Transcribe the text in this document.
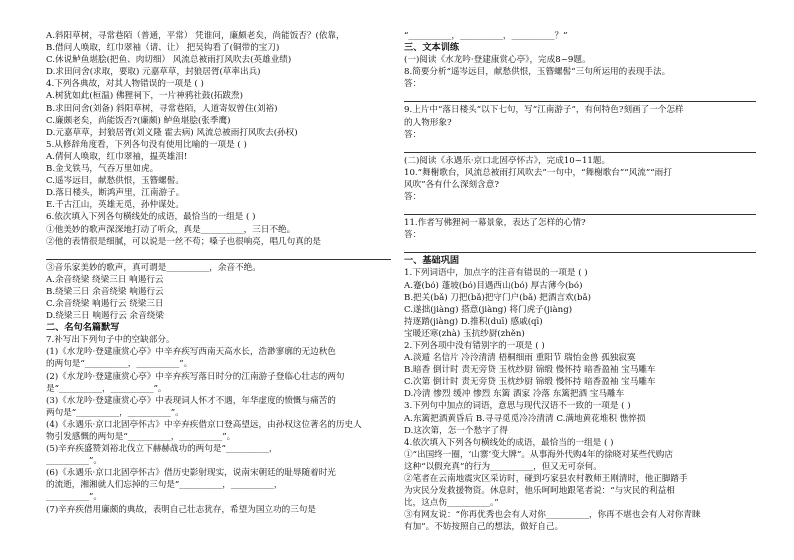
A.斜阳草树，寻常巷陌（普通，平常） 凭谁问，廉颇老矣，尚能饭否？(依靠，
B.借问人唤取，红巾翠袖（请、让） 把吴钩看了(铜带的宝刀)
C.休说鲈鱼堪脍(把鱼、肉切细） 风流总被雨打风吹去(英雄业绩)
D.求田问舍(求取，要取) 元嘉草草，封狼居胥(草率出兵)
4.下列各典故，对其人物错误的一项是 ( )
A.树犹如此(桓温) 佛狸祠下，一片神鸦社鼓(拓跋焘)
B.求田问舍(刘备) 斜阳草树，寻常巷陌，人道寄奴曾住(刘裕)
C.廉颇老矣，尚能饭否?(廉颇) 鲈鱼堪脍(张季鹰)
D.元嘉草草，封狼居胥(刘义隆 霍去病) 风流总被雨打风吹去(孙权)
5.从修辞角度看，下列各句没有使用比喻的一项是 ( )
A.倩何人唤取，红巾翠袖，揾英雄泪!
B.金戈铁马，气吞万里如虎。
C.遥岑远目，献愁供恨，玉簪螺髻。
D.落日楼头，断鸿声里，江南游子。
E.千古江山，英雄无觅，孙仲谋处。
6.依次填入下列各句横线处的成语，最恰当的一组是 ( )
①他美妙的歌声深深地打动了听众，真是__________，三日不绝。
②他的表情很是细腻，可以说是一丝不苟；嗓子也很响亮，唱几句真的是

③音乐家美妙的歌声，真可谓是__________，余音不绝。
A.余音绕梁 绕梁三日 响遏行云
B.绕梁三日 余音绕梁 响遏行云
C.余音绕梁 响遏行云 绕梁三日
D.绕梁三日 响遏行云 余音绕梁
二、名句名篇默写
7.补写出下列句子中的空缺部分。
(1)《水龙吟·登建康赏心亭》中辛弃疾写西南天高水长，浩渺寥廓的无边秋色
的两句是“__________，__________”。
(2)《水龙吟·登建康赏心亭》中辛弃疾写落日时分的江南游子登临心壮志的两句
是“__________，__________”。
(3)《水龙吟·登建康赏心亭》中表现词人怀才不遇，年华虚度的愤慨与痛苦的
两句是“__________，__________”。
(4)《永遇乐·京口北固亭怀古》中辛弃疾借京口登高望远，由孙权这位著名的历史人
物引发感慨的两句是“__________，__________”。
(5)辛弃疾盛赞刘裕北伐立下赫赫战功的两句是“__________，
__________”。
(6)《永遇乐·京口北固亭怀古》借历史影射现实，说南宋朝廷的耻辱随着时光
的流逝，湘湘就人们忘掉的三句是“__________，__________，
__________”。
(7)辛弃疾借用廉颇的典故，表明自己壮志犹存，希望为国立功的三句是
“__________，__________，__________？”
三、文本训练
(一)阅读《水龙吟·登建康赏心亭》，完成8~9题。
8.简要分析“遥岑远目，献愁供恨，玉簪螺髻”三句所运用的表现手法。
答：

9.上片中“落日楼头”以下七句，写“江南游子”，有何特色?刻画了一个怎样
的人物形象?
答：

(二)阅读《永遇乐·京口北固亭怀古》，完成10~11题。
10.“舞榭歌台，风流总被雨打风吹去”一句中，“舞榭歌台”“风流”“雨打
风吹”各有什么深刻含意?
答：

11.作者写佛狸祠一幕景象，表达了怎样的心情?
答：

一、基础巩固
1.下列词语中，加点字的注音有错误的一项是 ( )
A.蹇(bó) 蓬坡(bó)目遇西山(bó) 厚古薄今(bó)
B.把关(bǎ) 刀把(bǎ)把守门户(bǎ) 把酒言欢(bǎ)
C.遂拙(jiàng) 搭意(jiàng) 将门虎子(jiàng)
持逐踏(jiàng) D.推积(duī) 感戚(qī)
宝暖还寒(zhà) 玉抗纱厨(zhěn)
2.下列各项中没有错别字的一项是 ( )
A.淡遁 名信片 冷泠清清 梧桐细雨 重阳节 瑞怡金兽 孤独寂寞
B.暗香 倒计时 责无旁贷 玉枕纱厨 锦缎 慢怀持 暗香盈袖 宝马雕车
C.次第 倒计时 责无旁贷 玉枕纱厨 锦缎 慢怀持 暗香盈袖 宝马雕车
D.冷清 惨烈 缓冲 惨烈 东篱 酒家 冷落 东篱把酒 宝马雕车
3.下列句中加点的词语，意思与现代汉语不一致的一项是 ( )
A.东篱把酒黄昏后 B.寻寻觅觅冷冷清清 C.满地黄花堆积 憔悴损
D.这次第，怎一个愁字了得
4.依次填入下列各句横线处的成语，最恰当的一组是 ( )
①“出国终一圈，‘山寨’变大牌”。从事海外代购4年的徐晓对某些代购店
这种“以假充真”的行为__________，但又无可奈何。
②笔者在云南地震灾区采访时，碰到巧家县农村教师王刚清时，他正脚踏手
为灾民分发救援物资。休息时，他乐呵呵地跟笔者说：“与灾民的利益相
比，这点伤__________。”
③有网友说：“你再优秀也会有人对你__________，你再不堪也会有人对你青睐
有加”。不妨按照自己的想法，做好自己。
